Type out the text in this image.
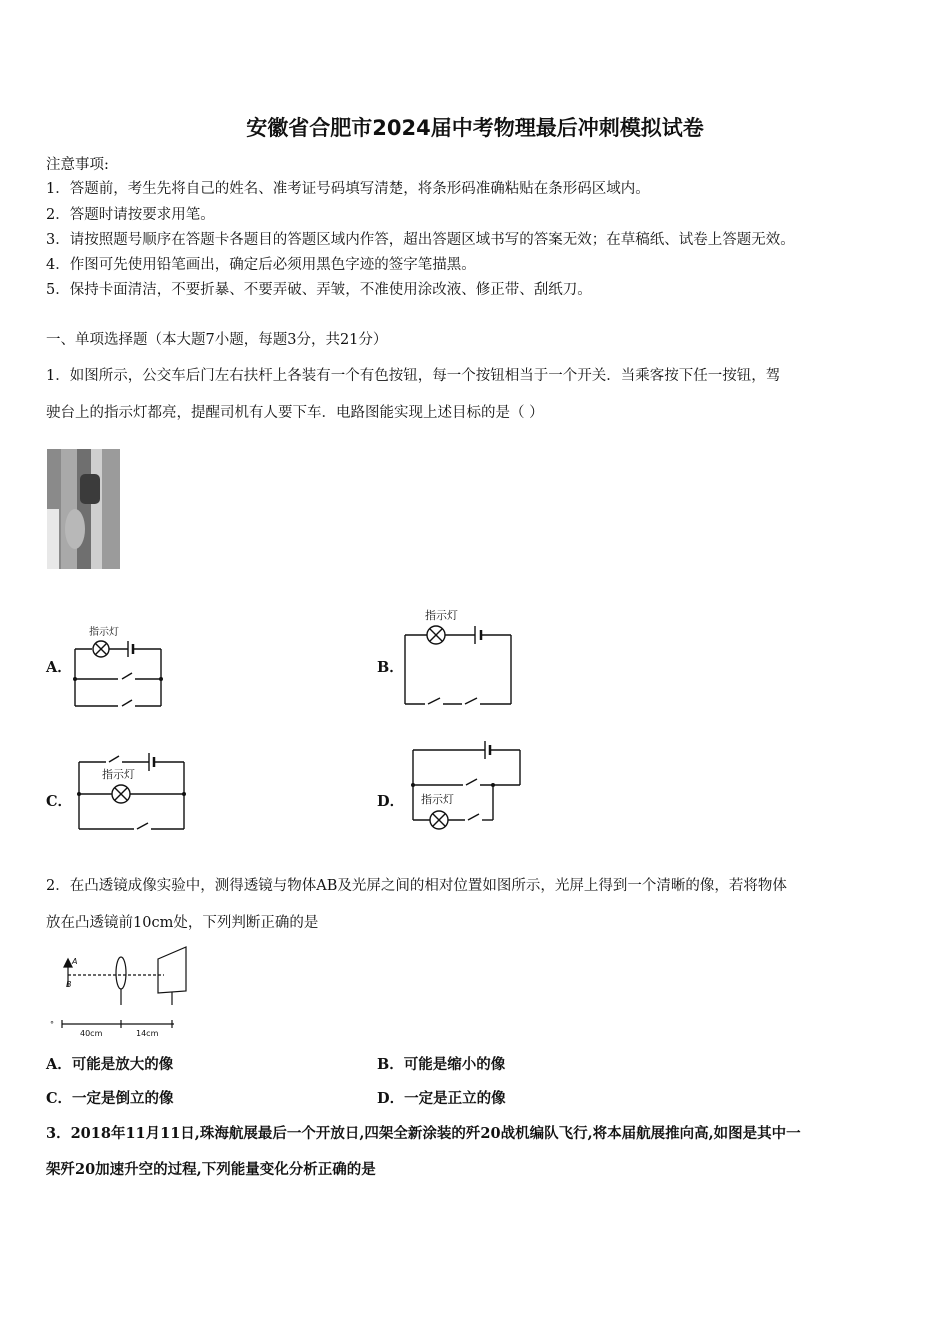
安徽省合肥市2024届中考物理最后冲刺模拟试卷
注意事项:
1．答题前，考生先将自己的姓名、准考证号码填写清楚，将条形码准确粘贴在条形码区域内。
2．答题时请按要求用笔。
3．请按照题号顺序在答题卡各题目的答题区域内作答，超出答题区域书写的答案无效；在草稿纸、试卷上答题无效。
4．作图可先使用铅笔画出，确定后必须用黑色字迹的签字笔描黑。
5．保持卡面清洁，不要折暴、不要弄破、弄皱，不准使用涂改液、修正带、刮纸刀。
一、单项选择题（本大题7小题，每题3分，共21分）
1．如图所示，公交车后门左右扶杆上各装有一个有色按钮，每一个按钮相当于一个开关．当乘客按下任一按钮，驾
驶台上的指示灯都亮，提醒司机有人要下车．电路图能实现上述目标的是（ ）
A．
指示灯
B．
指示灯
C．
指示灯
D． 指示灯
2．在凸透镜成像实验中，测得透镜与物体AB及光屏之间的相对位置如图所示，光屏上得到一个清晰的像，若将物体
放在凸透镜前10cm处，下列判断正确的是
°
A
B
40cm	14cm
A．可能是放大的像	B．可能是缩小的像
C．一定是倒立的像	D．一定是正立的像
3．2018年11月11日,珠海航展最后一个开放日,四架全新涂装的歼20战机编队飞行,将本届航展推向高,如图是其中一
架歼20加速升空的过程,下列能量变化分析正确的是
